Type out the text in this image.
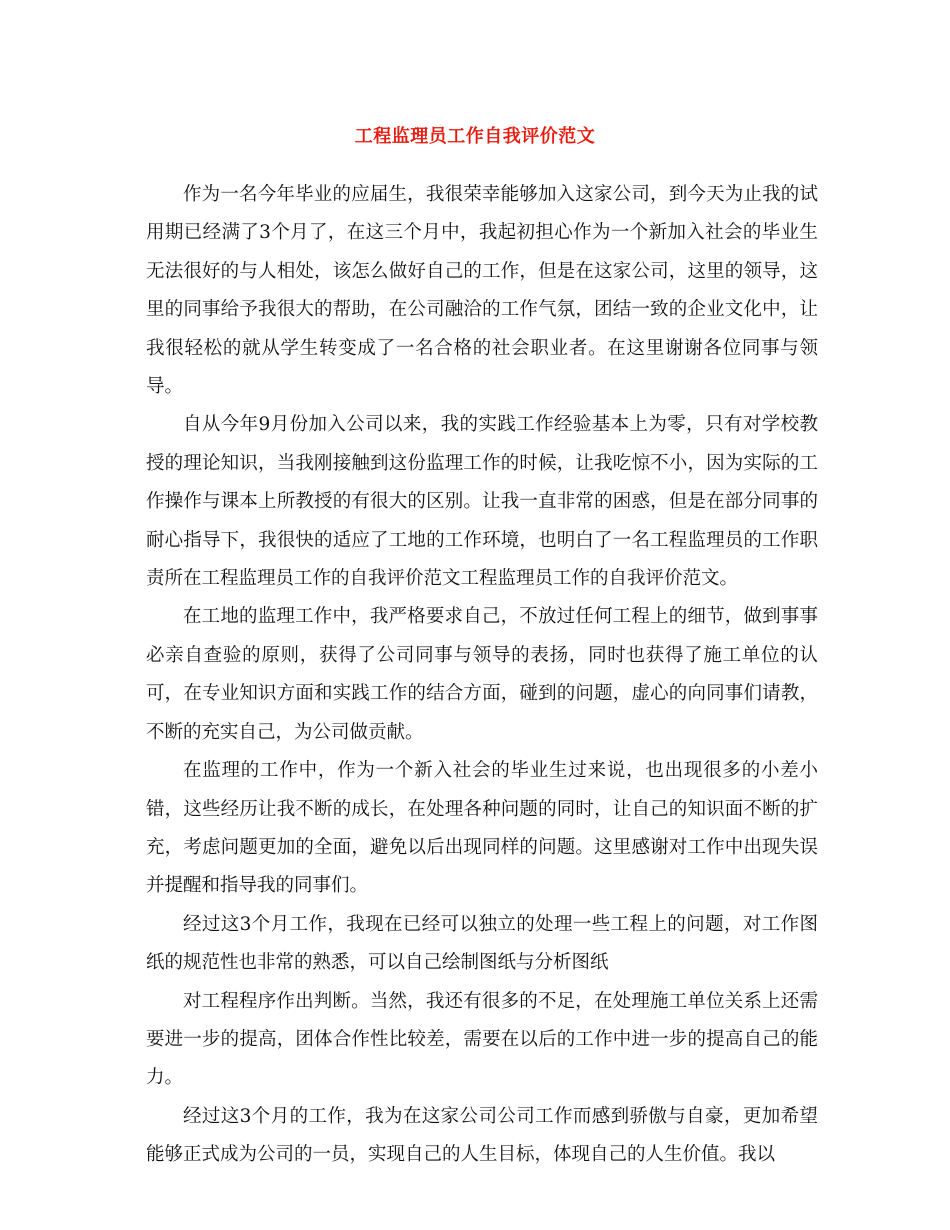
工程监理员工作自我评价范文

作为一名今年毕业的应届生，我很荣幸能够加入这家公司，到今天为止我的试用期已经满了3个月了，在这三个月中，我起初担心作为一个新加入社会的毕业生无法很好的与人相处，该怎么做好自己的工作，但是在这家公司，这里的领导，这里的同事给予我很大的帮助，在公司融洽的工作气氛，团结一致的企业文化中，让我很轻松的就从学生转变成了一名合格的社会职业者。在这里谢谢各位同事与领导。

自从今年9月份加入公司以来，我的实践工作经验基本上为零，只有对学校教授的理论知识，当我刚接触到这份监理工作的时候，让我吃惊不小，因为实际的工作操作与课本上所教授的有很大的区别。让我一直非常的困惑，但是在部分同事的耐心指导下，我很快的适应了工地的工作环境，也明白了一名工程监理员的工作职责所在工程监理员工作的自我评价范文工程监理员工作的自我评价范文。

在工地的监理工作中，我严格要求自己，不放过任何工程上的细节，做到事事必亲自查验的原则，获得了公司同事与领导的表扬，同时也获得了施工单位的认可，在专业知识方面和实践工作的结合方面，碰到的问题，虚心的向同事们请教，不断的充实自己，为公司做贡献。

在监理的工作中，作为一个新入社会的毕业生过来说，也出现很多的小差小错，这些经历让我不断的成长，在处理各种问题的同时，让自己的知识面不断的扩充，考虑问题更加的全面，避免以后出现同样的问题。这里感谢对工作中出现失误并提醒和指导我的同事们。

经过这3个月工作，我现在已经可以独立的处理一些工程上的问题，对工作图纸的规范性也非常的熟悉，可以自己绘制图纸与分析图纸

对工程程序作出判断。当然，我还有很多的不足，在处理施工单位关系上还需要进一步的提高，团体合作性比较差，需要在以后的工作中进一步的提高自己的能力。

经过这3个月的工作，我为在这家公司公司工作而感到骄傲与自豪，更加希望能够正式成为公司的一员，实现自己的人生目标，体现自己的人生价值。我以
